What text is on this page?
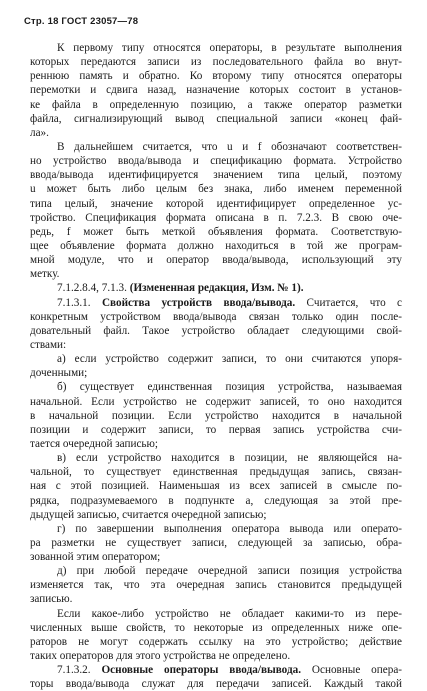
Стр. 18 ГОСТ 23057—78
К первому типу относятся операторы, в результате выполнения
которых передаются записи из последовательного файла во внут-
реннюю память и обратно. Ко второму типу относятся операторы
перемотки и сдвига назад, назначение которых состоит в установ-
ке файла в определенную позицию, а также оператор разметки
файла, сигнализирующий вывод специальной записи «конец фай-
ла».
В дальнейшем считается, что u и f обозначают соответствен-
но устройство ввода/вывода и спецификацию формата. Устройство
ввода/вывода идентифицируется значением типа целый, поэтому
u может быть либо целым без знака, либо именем переменной
типа целый, значение которой идентифицирует определенное ус-
тройство. Спецификация формата описана в п. 7.2.3. В свою оче-
редь, f может быть меткой объявления формата. Соответствую-
щее объявление формата должно находиться в той же програм-
мной модуле, что и оператор ввода/вывода, использующий эту
метку.
7.1.2.8.4, 7.1.3. (Измененная редакция, Изм. № 1).
7.1.3.1. Свойства устройств ввода/вывода. Считается, что с
конкретным устройством ввода/вывода связан только один после-
довательный файл. Такое устройство обладает следующими свой-
ствами:
а) если устройство содержит записи, то они считаются упоря-
доченными;
б) существует единственная позиция устройства, называемая
начальной. Если устройство не содержит записей, то оно находится
в начальной позиции. Если устройство находится в начальной
позиции и содержит записи, то первая запись устройства счи-
тается очередной записью;
в) если устройство находится в позиции, не являющейся на-
чальной, то существует единственная предыдущая запись, связан-
ная с этой позицией. Наименьшая из всех записей в смысле по-
рядка, подразумеваемого в подпункте а, следующая за этой пре-
дыдущей записью, считается очередной записью;
г) по завершении выполнения оператора вывода или операто-
ра разметки не существует записи, следующей за записью, обра-
зованной этим оператором;
д) при любой передаче очередной записи позиция устройства
изменяется так, что эта очередная запись становится предыдущей
записью.
Если какое-либо устройство не обладает какими-то из пере-
численных выше свойств, то некоторые из определенных ниже опе-
раторов не могут содержать ссылку на это устройство; действие
таких операторов для этого устройства не определено.
7.1.3.2. Основные операторы ввода/вывода. Основные опера-
торы ввода/вывода служат для передачи записей. Каждый такой
